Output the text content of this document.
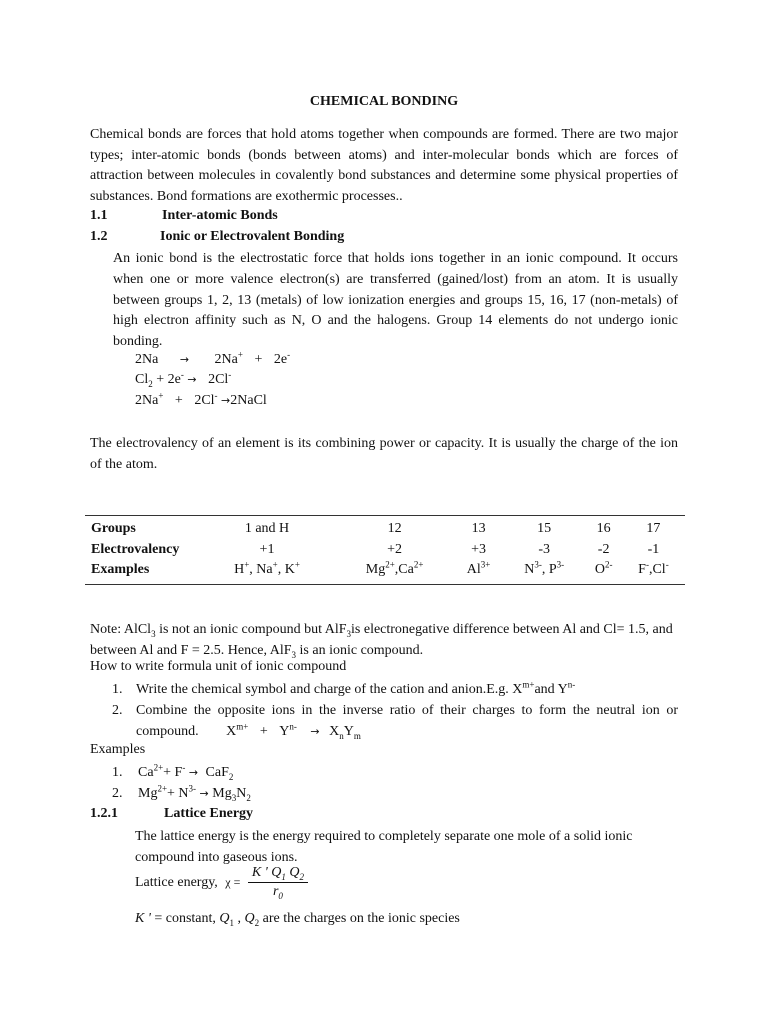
CHEMICAL BONDING

Chemical bonds are forces that hold atoms together when compounds are formed. There are two major types; inter-atomic bonds (bonds between atoms) and inter-molecular bonds which are forces of attraction between molecules in covalently bond substances and determine some physical properties of substances. Bond formations are exothermic processes..

1.1	Inter-atomic Bonds
1.2	Ionic or Electrovalent Bonding

An ionic bond is the electrostatic force that holds ions together in an ionic compound. It occurs when one or more valence electron(s) are transferred (gained/lost) from an atom. It is usually between groups 1, 2, 13 (metals) of low ionization energies and groups 15, 16, 17 (non-metals) of high electron affinity such as N, O and the halogens. Group 14 elements do not undergo ionic bonding.

2Na → 2Na+ + 2e-
$Cl_2 + 2e^- \to 2Cl^-$
2Na+ + 2Cl- →2NaCl

The electrovalency of an element is its combining power or capacity. It is usually the charge of the ion of the atom.

Groups	1 and H	12	13	15	16	17
Electrovalency	+1	+2	+3	-3	-2	-1
Examples	H+, Na+, K+	$Mg^{2+},Ca^{2+}$	$Al^{3+}$	$N^{3-}$, $P^{3-}$	$O^{2-}$	F-,Cl-

Note: AlCl$_3$ is not an ionic compound but AlF$_3$is electronegative difference between Al and Cl= 1.5, and between Al and F = 2.5. Hence, AlF$_3$ is an ionic compound.

How to write formula unit of ionic compound

1. Write the chemical symbol and charge of the cation and anion.E.g. $X^{m+}and$ $Y^{n-}$
2. Combine the opposite ions in the inverse ratio of their charges to form the neutral ion or compound. $X^{m+} + Y^{n-} \to X_nY_m$

Examples

1. $Ca^{2+}+ F^- \to CaF_2$
2. $Mg^{2+}+ N^{3-} \to Mg_3N_2$
1.2.1	Lattice Energy

The lattice energy is the energy required to completely separate one mole of a solid ionic compound into gaseous ions.

Lattice energy, $\chi = \frac{K ' Q_1 Q_2}{r_0}$

K ' = constant, $Q_1$ , $Q_2$ are the charges on the ionic species
